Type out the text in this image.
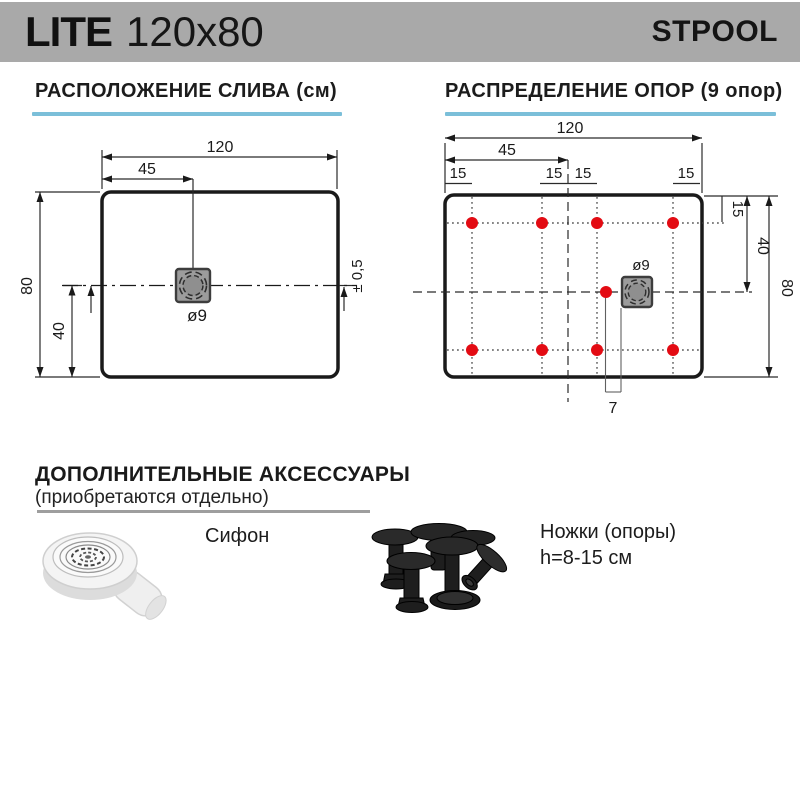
LITE 120x80	STPOOL
РАСПОЛОЖЕНИЕ СЛИВА (см)	РАСПРЕДЕЛЕНИЕ ОПОР (9 опор)
120
45
80
40
± 0,5
ø9
120
45
15	15 15	15
15
40
80
ø9
7
ДОПОЛНИТЕЛЬНЫЕ АКСЕССУАРЫ
(приобретаются отдельно)
Сифон	Ножки (опоры)
h=8-15 см
